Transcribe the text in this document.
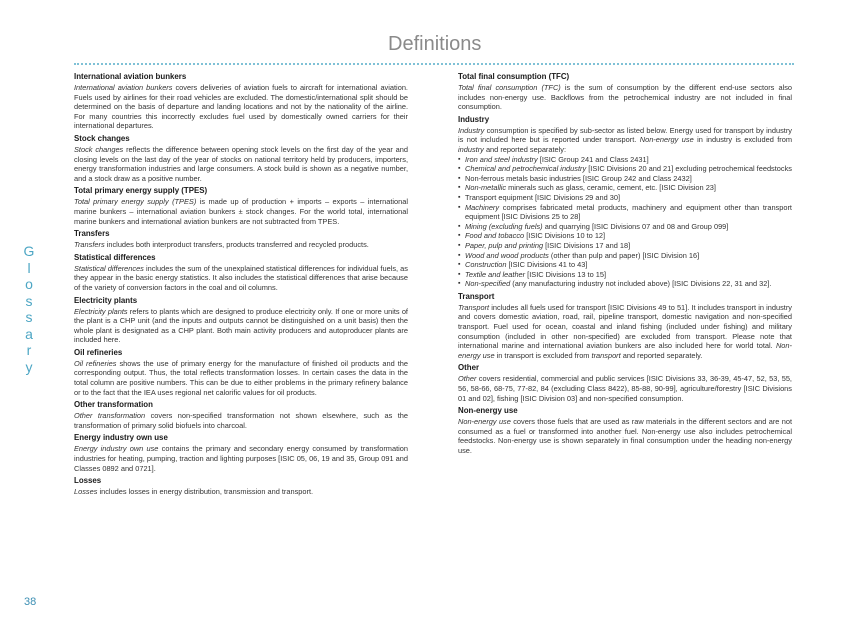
Definitions
G
l
o
s
s
a
r
y
38
International aviation bunkers

International aviation bunkers covers deliveries of aviation fuels to aircraft for international aviation. Fuels used by airlines for their road vehicles are excluded. The domestic/international split should be determined on the basis of departure and landing locations and not by the nationality of the airline. For many countries this incorrectly excludes fuel used by domestically owned carriers for their international departures.

Stock changes

Stock changes reflects the difference between opening stock levels on the first day of the year and closing levels on the last day of the year of stocks on national territory held by producers, importers, energy transformation industries and large consumers. A stock build is shown as a negative number, and a stock draw as a positive number.

Total primary energy supply (TPES)

Total primary energy supply (TPES) is made up of production + imports – exports – international marine bunkers – international aviation bunkers ± stock changes. For the world total, international marine bunkers and international aviation bunkers are not subtracted from TPES.

Transfers

Transfers includes both interproduct transfers, products transferred and recycled products.

Statistical differences

Statistical differences includes the sum of the unexplained statistical differences for individual fuels, as they appear in the basic energy statistics. It also includes the statistical differences that arise because of the variety of conversion factors in the coal and oil columns.

Electricity plants

Electricity plants refers to plants which are designed to produce electricity only. If one or more units of the plant is a CHP unit (and the inputs and outputs cannot be distinguished on a unit basis) then the whole plant is designated as a CHP plant. Both main activity producers and autoproducer plants are included here.

Oil refineries

Oil refineries shows the use of primary energy for the manufacture of finished oil products and the corresponding output. Thus, the total reflects transformation losses. In certain cases the data in the total column are positive numbers. This can be due to either problems in the primary refinery balance or to the fact that the IEA uses regional net calorific values for oil products.

Other transformation

Other transformation covers non-specified transformation not shown elsewhere, such as the transformation of primary solid biofuels into charcoal.

Energy industry own use

Energy industry own use contains the primary and secondary energy consumed by transformation industries for heating, pumping, traction and lighting purposes [ISIC 05, 06, 19 and 35, Group 091 and Classes 0892 and 0721].

Losses

Losses includes losses in energy distribution, transmission and transport.

Total final consumption (TFC)

Total final consumption (TFC) is the sum of consumption by the different end-use sectors also includes non-energy use. Backflows from the petrochemical industry are not included in final consumption.

Industry

Industry consumption is specified by sub-sector as listed below. Energy used for transport by industry is not included here but is reported under transport. Non-energy use in industry is excluded from industry and reported separately:

▪ Iron and steel industry [ISIC Group 241 and Class 2431]
▪ Chemical and petrochemical industry [ISIC Divisions 20 and 21] excluding petrochemical feedstocks
▪ Non-ferrous metals basic industries [ISIC Group 242 and Class 2432]
▪ Non-metallic minerals such as glass, ceramic, cement, etc. [ISIC Division 23]
▪ Transport equipment [ISIC Divisions 29 and 30]
▪ Machinery comprises fabricated metal products, machinery and equipment other than transport equipment [ISIC Divisions 25 to 28]
▪ Mining (excluding fuels) and quarrying [ISIC Divisions 07 and 08 and Group 099]
▪ Food and tobacco [ISIC Divisions 10 to 12]
▪ Paper, pulp and printing [ISIC Divisions 17 and 18]
▪ Wood and wood products (other than pulp and paper) [ISIC Division 16]
▪ Construction [ISIC Divisions 41 to 43]
▪ Textile and leather [ISIC Divisions 13 to 15]
▪ Non-specified (any manufacturing industry not included above) [ISIC Divisions 22, 31 and 32].
Transport

Transport includes all fuels used for transport [ISIC Divisions 49 to 51]. It includes transport in industry and covers domestic aviation, road, rail, pipeline transport, domestic navigation and non-specified transport. Fuel used for ocean, coastal and inland fishing (included under fishing) and military consumption (included in other non-specified) are excluded from transport. Please note that international marine and international aviation bunkers are also included here for world total. Non-energy use in transport is excluded from transport and reported separately.

Other

Other covers residential, commercial and public services [ISIC Divisions 33, 36-39, 45-47, 52, 53, 55, 56, 58-66, 68-75, 77-82, 84 (excluding Class 8422), 85-88, 90-99], agriculture/forestry [ISIC Divisions 01 and 02], fishing [ISIC Division 03] and non-specified consumption.

Non-energy use

Non-energy use covers those fuels that are used as raw materials in the different sectors and are not consumed as a fuel or transformed into another fuel. Non-energy use also includes petrochemical feedstocks. Non-energy use is shown separately in final consumption under the heading non-energy use.
